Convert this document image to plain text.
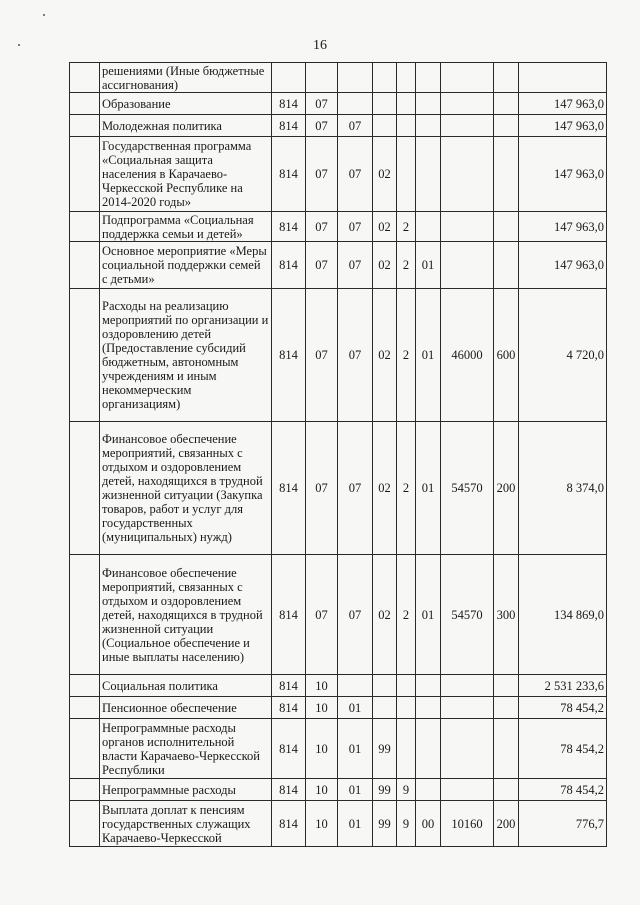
16
	решениями (Иные бюджетные ассигнования)									
	Образование	814	07							147 963,0
	Молодежная политика	814	07	07						147 963,0
	Государственная программа «Социальная защита населения в Карачаево-Черкесской Республике на 2014-2020 годы»	814	07	07	02					147 963,0
	Подпрограмма «Социальная поддержка семьи и детей»	814	07	07	02	2				147 963,0
	Основное мероприятие «Меры социальной поддержки семей с детьми»	814	07	07	02	2	01			147 963,0
	Расходы на реализацию мероприятий по организации и оздоровлению детей (Предоставление субсидий бюджетным, автономным учреждениям и иным некоммерческим организациям)	814	07	07	02	2	01	46000	600	4 720,0
	Финансовое обеспечение мероприятий, связанных с отдыхом и оздоровлением детей, находящихся в трудной жизненной ситуации (Закупка товаров, работ и услуг для государственных (муниципальных) нужд)	814	07	07	02	2	01	54570	200	8 374,0
	Финансовое обеспечение мероприятий, связанных с отдыхом и оздоровлением детей, находящихся в трудной жизненной ситуации (Социальное обеспечение и иные выплаты населению)	814	07	07	02	2	01	54570	300	134 869,0
	Социальная политика	814	10							2 531 233,6
	Пенсионное обеспечение	814	10	01						78 454,2
	Непрограммные расходы органов исполнительной власти Карачаево-Черкесской Республики	814	10	01	99					78 454,2
	Непрограммные расходы	814	10	01	99	9				78 454,2
	Выплата доплат к пенсиям государственных служащих Карачаево-Черкесской	814	10	01	99	9	00	10160	200	776,7
